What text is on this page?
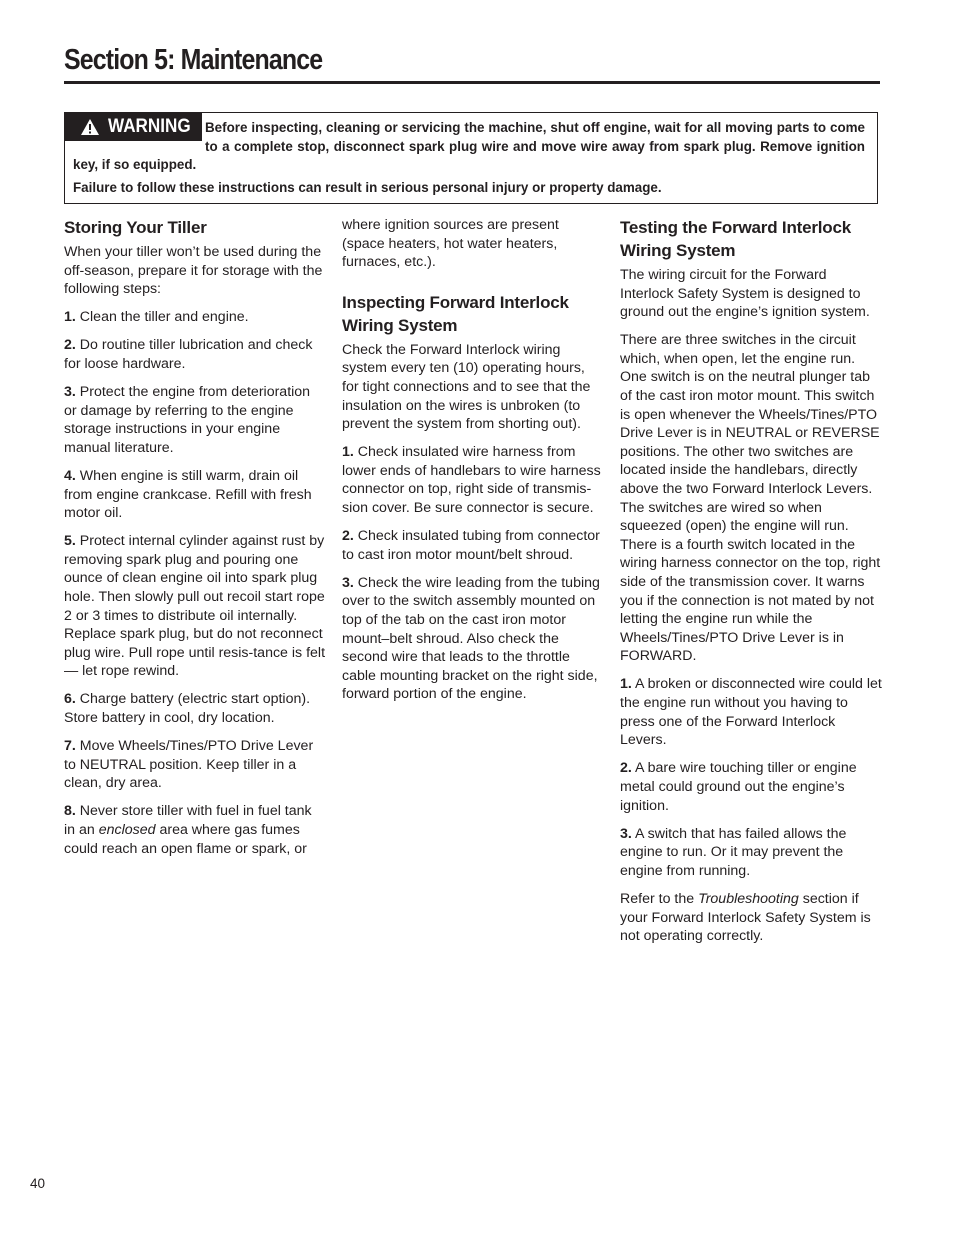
Section 5: Maintenance
WARNING	Before inspecting, cleaning or servicing the machine, shut off engine, wait for all moving parts to come to a complete stop, disconnect spark plug wire and move wire away from spark plug. Remove ignition key, if so equipped.

Failure to follow these instructions can result in serious personal injury or property damage.

Storing Your Tiller

When your tiller won’t be used during the off-season, prepare it for storage with the following steps:

1. Clean the tiller and engine.

2. Do routine tiller lubrication and check for loose hardware.

3. Protect the engine from deterioration or damage by referring to the engine storage instructions in your engine manual literature.

4. When engine is still warm, drain oil from engine crankcase. Refill with fresh motor oil.

5. Protect internal cylinder against rust by removing spark plug and pouring one ounce of clean engine oil into spark plug hole. Then slowly pull out recoil start rope 2 or 3 times to distribute oil internally. Replace spark plug, but do not reconnect plug wire. Pull rope until resis-tance is felt — let rope rewind.

6. Charge battery (electric start option). Store battery in cool, dry location.

7. Move Wheels/Tines/PTO Drive Lever to NEUTRAL position. Keep tiller in a clean, dry area.

8. Never store tiller with fuel in fuel tank in an enclosed area where gas fumes could reach an open flame or spark, or

where ignition sources are present (space heaters, hot water heaters, furnaces, etc.).

Inspecting Forward Interlock Wiring System

Check the Forward Interlock wiring system every ten (10) operating hours, for tight connections and to see that the insulation on the wires is unbroken (to prevent the system from shorting out).

1. Check insulated wire harness from lower ends of handlebars to wire harness connector on top, right side of transmis-sion cover. Be sure connector is secure.

2. Check insulated tubing from connector to cast iron motor mount/belt shroud.

3. Check the wire leading from the tubing over to the switch assembly mounted on top of the tab on the cast iron motor mount–belt shroud. Also check the second wire that leads to the throttle cable mounting bracket on the right side, forward portion of the engine.

Testing the Forward Interlock Wiring System

The wiring circuit for the Forward Interlock Safety System is designed to ground out the engine’s ignition system.

There are three switches in the circuit which, when open, let the engine run. One switch is on the neutral plunger tab of the cast iron motor mount. This switch is open whenever the Wheels/Tines/PTO Drive Lever is in NEUTRAL or REVERSE positions. The other two switches are located inside the handlebars, directly above the two Forward Interlock Levers. The switches are wired so when squeezed (open) the engine will run. There is a fourth switch located in the wiring harness connector on the top, right side of the transmission cover. It warns you if the connection is not mated by not letting the engine run while the Wheels/Tines/PTO Drive Lever is in FORWARD.

1. A broken or disconnected wire could let the engine run without you having to press one of the Forward Interlock Levers.

2. A bare wire touching tiller or engine metal could ground out the engine’s ignition.

3. A switch that has failed allows the engine to run. Or it may prevent the engine from running.

Refer to the Troubleshooting section if your Forward Interlock Safety System is not operating correctly.

40
